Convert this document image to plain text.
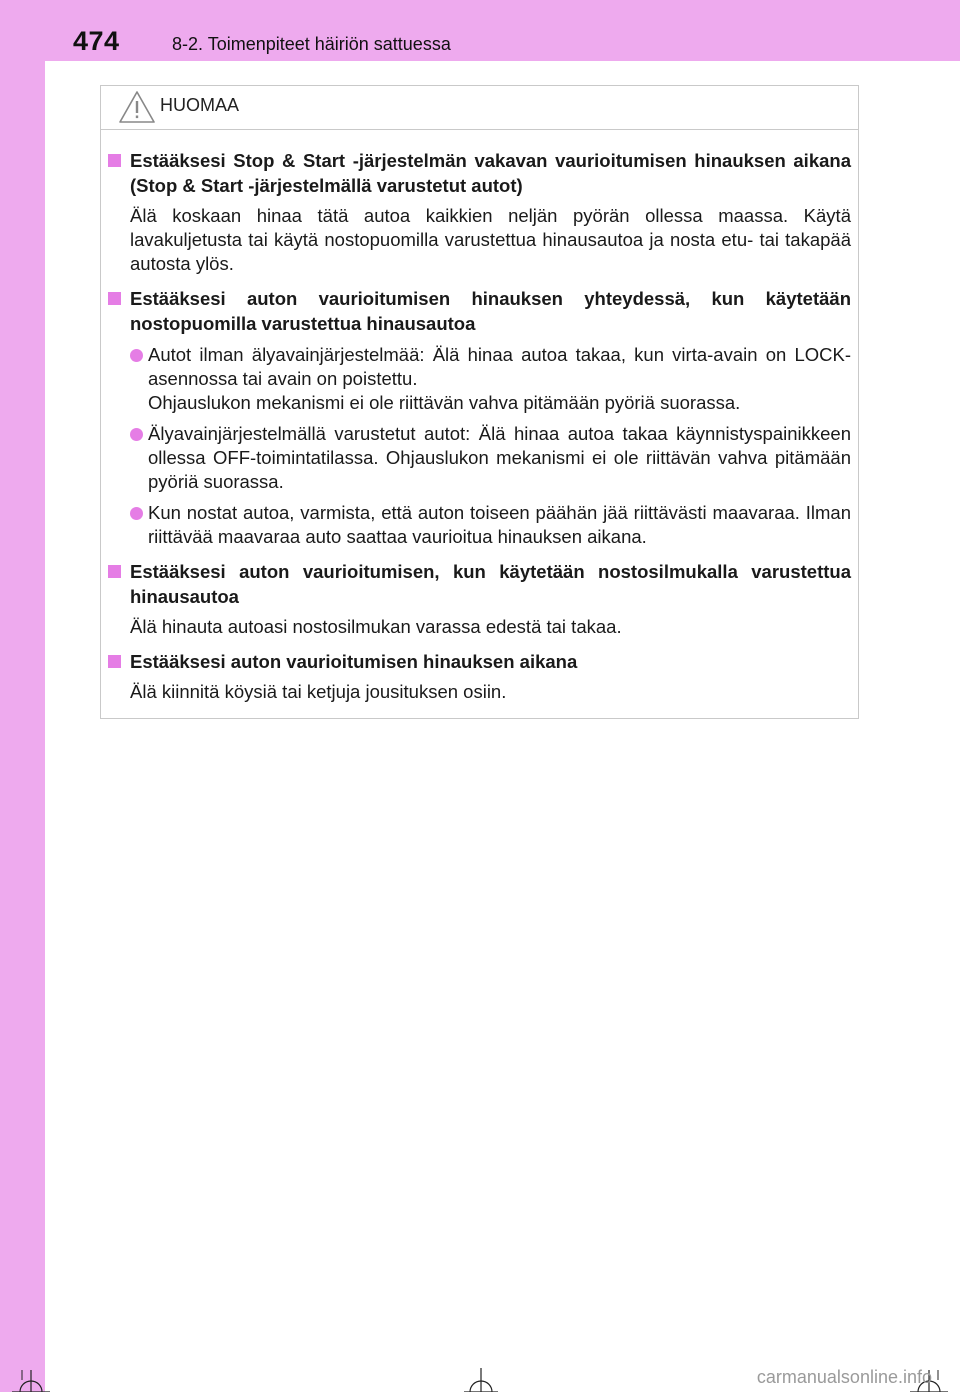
474	8-2. Toimenpiteet häiriön sattuessa
HUOMAA
Estääksesi Stop & Start -järjestelmän vakavan vaurioitumisen hinauksen aikana (Stop & Start -järjestelmällä varustetut autot)
Älä koskaan hinaa tätä autoa kaikkien neljän pyörän ollessa maassa. Käytä lavakuljetusta tai käytä nostopuomilla varustettua hinausautoa ja nosta etu- tai takapää autosta ylös.
Estääksesi auton vaurioitumisen hinauksen yhteydessä, kun käytetään nostopuomilla varustettua hinausautoa
Autot ilman älyavainjärjestelmää: Älä hinaa autoa takaa, kun virta-avain on LOCK-asennossa tai avain on poistettu.
Ohjauslukon mekanismi ei ole riittävän vahva pitämään pyöriä suorassa.
Älyavainjärjestelmällä varustetut autot: Älä hinaa autoa takaa käynnistyspainikkeen ollessa OFF-toimintatilassa. Ohjauslukon mekanismi ei ole riittävän vahva pitämään pyöriä suorassa.
Kun nostat autoa, varmista, että auton toiseen päähän jää riittävästi maavaraa. Ilman riittävää maavaraa auto saattaa vaurioitua hinauksen aikana.
Estääksesi auton vaurioitumisen, kun käytetään nostosilmukalla varustettua hinausautoa
Älä hinauta autoasi nostosilmukan varassa edestä tai takaa.
Estääksesi auton vaurioitumisen hinauksen aikana
Älä kiinnitä köysiä tai ketjuja jousituksen osiin.
carmanualsonline.info
